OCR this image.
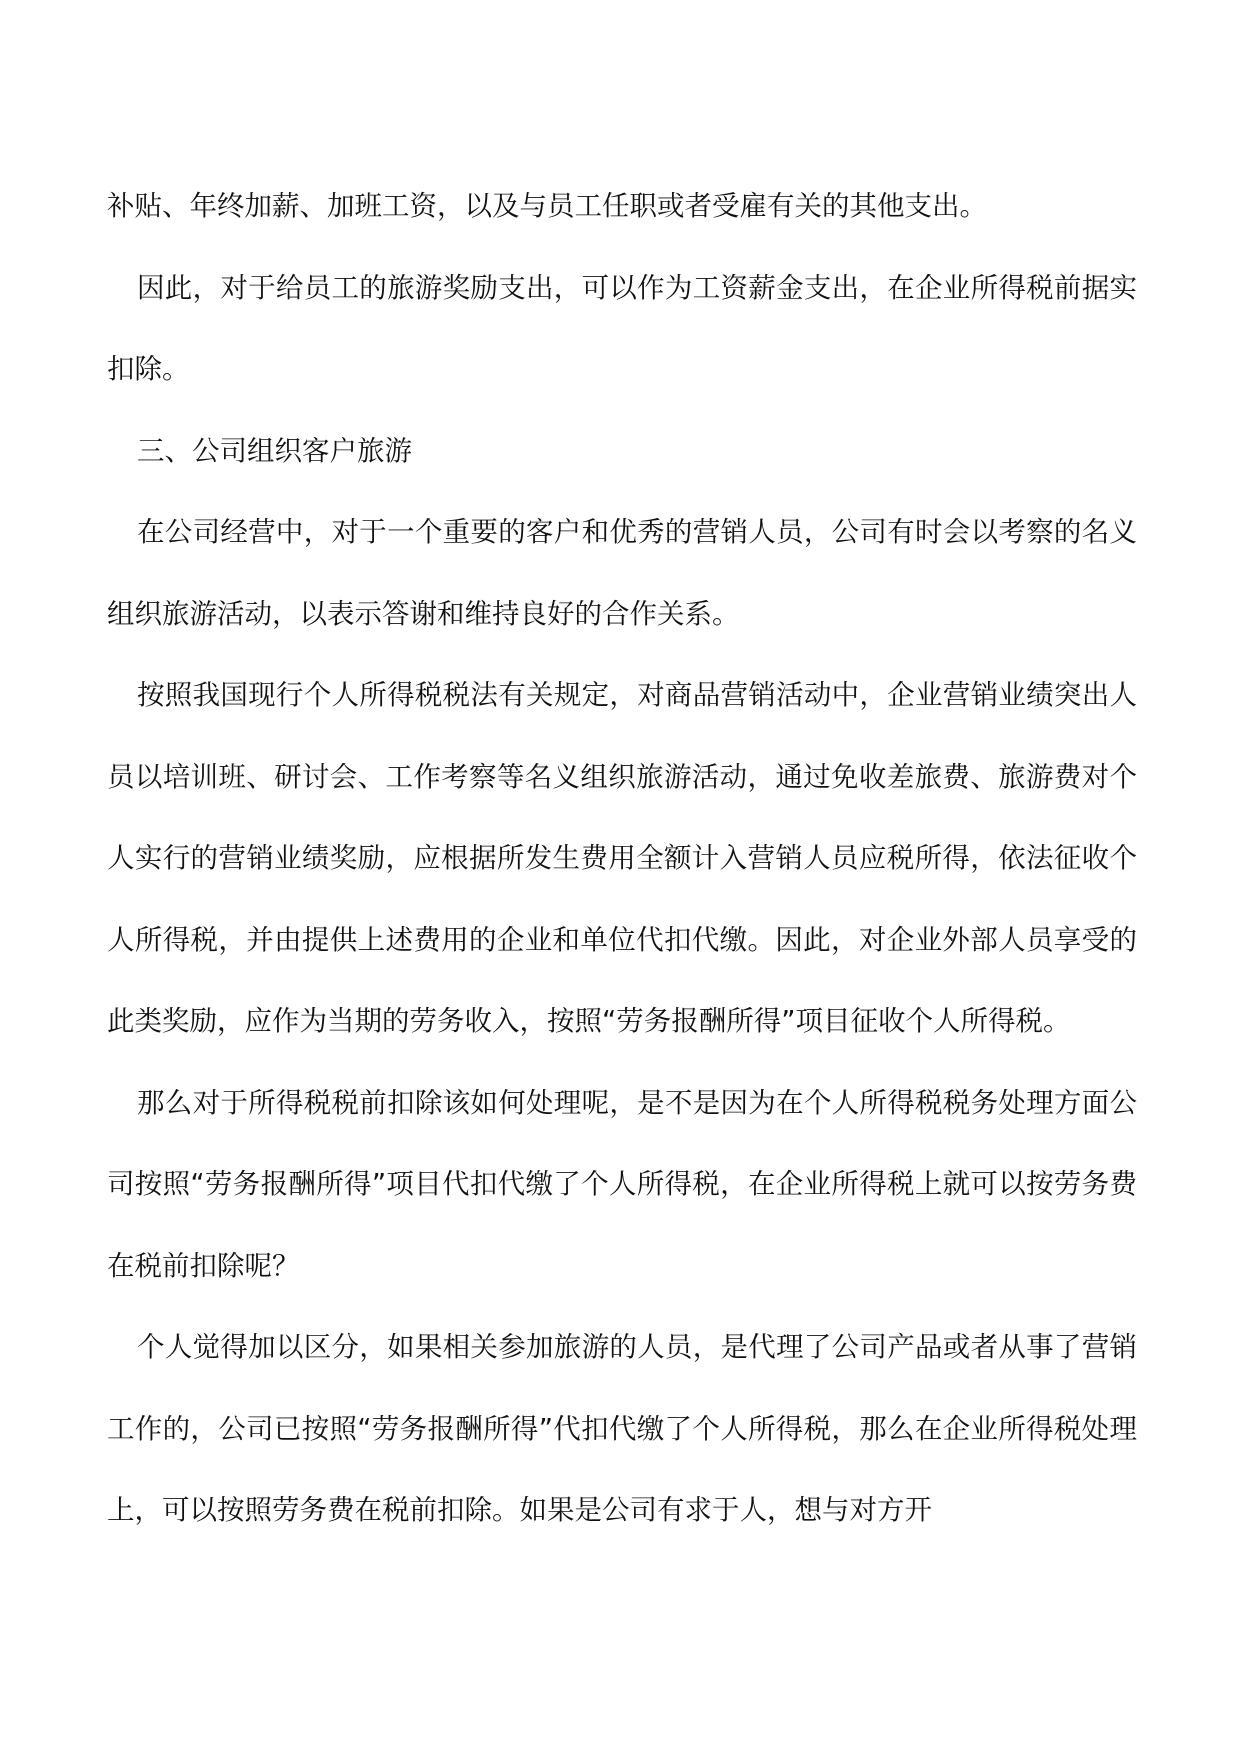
补贴、年终加薪、加班工资，以及与员工任职或者受雇有关的其他支出。

因此，对于给员工的旅游奖励支出，可以作为工资薪金支出，在企业所得税前据实扣除。

三、公司组织客户旅游

在公司经营中，对于一个重要的客户和优秀的营销人员，公司有时会以考察的名义组织旅游活动，以表示答谢和维持良好的合作关系。

按照我国现行个人所得税税法有关规定，对商品营销活动中，企业营销业绩突出人员以培训班、研讨会、工作考察等名义组织旅游活动，通过免收差旅费、旅游费对个人实行的营销业绩奖励，应根据所发生费用全额计入营销人员应税所得，依法征收个人所得税，并由提供上述费用的企业和单位代扣代缴。因此，对企业外部人员享受的此类奖励，应作为当期的劳务收入，按照“劳务报酬所得”项目征收个人所得税。

那么对于所得税税前扣除该如何处理呢，是不是因为在个人所得税税务处理方面公司按照“劳务报酬所得”项目代扣代缴了个人所得税，在企业所得税上就可以按劳务费在税前扣除呢？

个人觉得加以区分，如果相关参加旅游的人员，是代理了公司产品或者从事了营销工作的，公司已按照“劳务报酬所得”代扣代缴了个人所得税，那么在企业所得税处理上，可以按照劳务费在税前扣除。如果是公司有求于人，想与对方开
